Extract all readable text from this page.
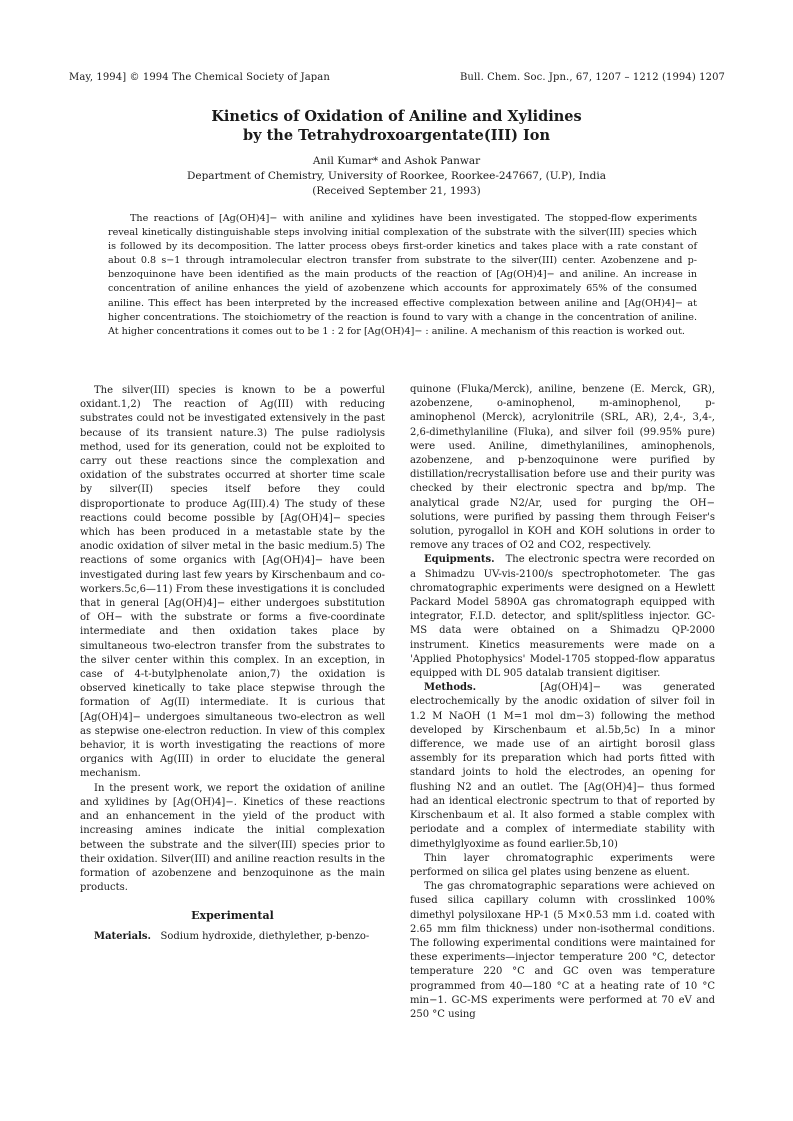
May, 1994] © 1994 The Chemical Society of Japan	Bull. Chem. Soc. Jpn., 67, 1207 – 1212 (1994) 1207
Kinetics of Oxidation of Aniline and Xylidines
by the Tetrahydroxoargentate(III) Ion
Anil Kumar* and Ashok Panwar
Department of Chemistry, University of Roorkee, Roorkee-247667, (U.P), India
(Received September 21, 1993)

The reactions of [Ag(OH)4]− with aniline and xylidines have been investigated. The stopped-flow experiments reveal kinetically distinguishable steps involving initial complexation of the substrate with the silver(III) species which is followed by its decomposition. The latter process obeys first-order kinetics and takes place with a rate constant of about 0.8 s−1 through intramolecular electron transfer from substrate to the silver(III) center. Azobenzene and p-benzoquinone have been identified as the main products of the reaction of [Ag(OH)4]− and aniline. An increase in concentration of aniline enhances the yield of azobenzene which accounts for approximately 65% of the consumed aniline. This effect has been interpreted by the increased effective complexation between aniline and [Ag(OH)4]− at higher concentrations. The stoichiometry of the reaction is found to vary with a change in the concentration of aniline. At higher concentrations it comes out to be 1 : 2 for [Ag(OH)4]− : aniline. A mechanism of this reaction is worked out.

The silver(III) species is known to be a powerful oxidant.1,2) The reaction of Ag(III) with reducing substrates could not be investigated extensively in the past because of its transient nature.3) The pulse radiolysis method, used for its generation, could not be exploited to carry out these reactions since the complexation and oxidation of the substrates occurred at shorter time scale by silver(II) species itself before they could disproportionate to produce Ag(III).4) The study of these reactions could become possible by [Ag(OH)4]− species which has been produced in a metastable state by the anodic oxidation of silver metal in the basic medium.5) The reactions of some organics with [Ag(OH)4]− have been investigated during last few years by Kirschenbaum and co-workers.5c,6—11) From these investigations it is concluded that in general [Ag(OH)4]− either undergoes substitution of OH− with the substrate or forms a five-coordinate intermediate and then oxidation takes place by simultaneous two-electron transfer from the substrates to the silver center within this complex. In an exception, in case of 4-t-butylphenolate anion,7) the oxidation is observed kinetically to take place stepwise through the formation of Ag(II) intermediate. It is curious that [Ag(OH)4]− undergoes simultaneous two-electron as well as stepwise one-electron reduction. In view of this complex behavior, it is worth investigating the reactions of more organics with Ag(III) in order to elucidate the general mechanism.

In the present work, we report the oxidation of aniline and xylidines by [Ag(OH)4]−. Kinetics of these reactions and an enhancement in the yield of the product with increasing amines indicate the initial complexation between the substrate and the silver(III) species prior to their oxidation. Silver(III) and aniline reaction results in the formation of azobenzene and benzoquinone as the main products.

Experimental

Materials. Sodium hydroxide, diethylether, p-benzo-

quinone (Fluka/Merck), aniline, benzene (E. Merck, GR), azobenzene, o-aminophenol, m-aminophenol, p-aminophenol (Merck), acrylonitrile (SRL, AR), 2,4-, 3,4-, 2,6-dimethylaniline (Fluka), and silver foil (99.95% pure) were used. Aniline, dimethylanilines, aminophenols, azobenzene, and p-benzoquinone were purified by distillation/recrystallisation before use and their purity was checked by their electronic spectra and bp/mp. The analytical grade N2/Ar, used for purging the OH− solutions, were purified by passing them through Feiser's solution, pyrogallol in KOH and KOH solutions in order to remove any traces of O2 and CO2, respectively.

Equipments. The electronic spectra were recorded on a Shimadzu UV-vis-2100/s spectrophotometer. The gas chromatographic experiments were designed on a Hewlett Packard Model 5890A gas chromatograph equipped with integrator, F.I.D. detector, and split/splitless injector. GC-MS data were obtained on a Shimadzu QP-2000 instrument. Kinetics measurements were made on a 'Applied Photophysics' Model-1705 stopped-flow apparatus equipped with DL 905 datalab transient digitiser.

Methods.	[Ag(OH)4]− was generated electrochemically by the anodic oxidation of silver foil in 1.2 M NaOH (1 M=1 mol dm−3) following the method developed by Kirschenbaum et al.5b,5c) In a minor difference, we made use of an airtight borosil glass assembly for its preparation which had ports fitted with standard joints to hold the electrodes, an opening for flushing N2 and an outlet. The [Ag(OH)4]− thus formed had an identical electronic spectrum to that of reported by Kirschenbaum et al. It also formed a stable complex with periodate and a complex of intermediate stability with dimethylglyoxime as found earlier.5b,10)

Thin layer chromatographic experiments were performed on silica gel plates using benzene as eluent.

The gas chromatographic separations were achieved on fused silica capillary column with crosslinked 100% dimethyl polysiloxane HP-1 (5 M×0.53 mm i.d. coated with 2.65 mm film thickness) under non-isothermal conditions. The following experimental conditions were maintained for these experiments—injector temperature 200 °C, detector temperature 220 °C and GC oven was temperature programmed from 40—180 °C at a heating rate of 10 °C min−1. GC-MS experiments were performed at 70 eV and 250 °C using
